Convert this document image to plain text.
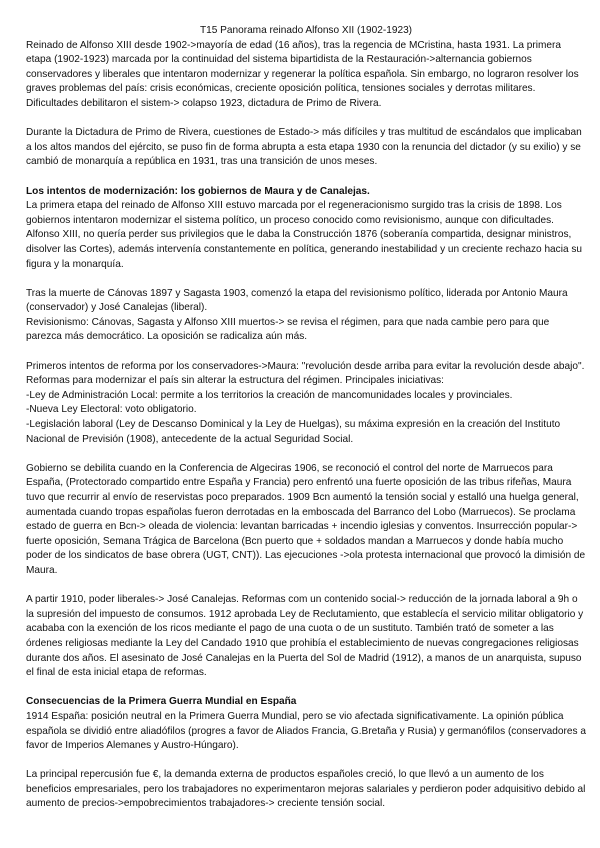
T15 Panorama reinado Alfonso XII (1902-1923)

Reinado de Alfonso XIII desde 1902->mayoría de edad (16 años), tras la regencia de MCristina, hasta 1931. La primera etapa (1902-1923) marcada por la continuidad del sistema bipartidista de la Restauración->alternancia gobiernos conservadores y liberales que intentaron modernizar y regenerar la política española. Sin embargo, no lograron resolver los graves problemas del país: crisis económicas, creciente oposición política, tensiones sociales y derrotas militares. Dificultades debilitaron el sistem-> colapso 1923, dictadura de Primo de Rivera.

Durante la Dictadura de Primo de Rivera, cuestiones de Estado-> más difíciles y tras multitud de escándalos que implicaban a los altos mandos del ejército, se puso fin de forma abrupta a esta etapa 1930 con la renuncia del dictador (y su exilio) y se cambió de monarquía a república en 1931, tras una transición de unos meses.

Los intentos de modernización: los gobiernos de Maura y de Canalejas.

La primera etapa del reinado de Alfonso XIII estuvo marcada por el regeneracionismo surgido tras la crisis de 1898. Los gobiernos intentaron modernizar el sistema político, un proceso conocido como revisionismo, aunque con dificultades. Alfonso XIII, no quería perder sus privilegios que le daba la Construcción 1876 (soberanía compartida, designar ministros, disolver las Cortes), además intervenía constantemente en política, generando inestabilidad y un creciente rechazo hacia su figura y la monarquía.

Tras la muerte de Cánovas 1897 y Sagasta 1903, comenzó la etapa del revisionismo político, liderada por Antonio Maura (conservador) y José Canalejas (liberal).

Revisionismo: Cánovas, Sagasta y Alfonso XIII muertos-> se revisa el régimen, para que nada cambie pero para que parezca más democrático. La oposición se radicaliza aún más.

Primeros intentos de reforma por los conservadores->Maura: "revolución desde arriba para evitar la revolución desde abajo". Reformas para modernizar el país sin alterar la estructura del régimen. Principales iniciativas:

-Ley de Administración Local: permite a los territorios la creación de mancomunidades locales y provinciales.

-Nueva Ley Electoral: voto obligatorio.

-Legislación laboral (Ley de Descanso Dominical y la Ley de Huelgas), su máxima expresión en la creación del Instituto Nacional de Previsión (1908), antecedente de la actual Seguridad Social.

Gobierno se debilita cuando en la Conferencia de Algeciras 1906, se reconoció el control del norte de Marruecos para España, (Protectorado compartido entre España y Francia) pero enfrentó una fuerte oposición de las tribus rifeñas, Maura tuvo que recurrir al envío de reservistas poco preparados. 1909 Bcn aumentó la tensión social y estalló una huelga general, aumentada cuando tropas españolas fueron derrotadas en la emboscada del Barranco del Lobo (Marruecos). Se proclama estado de guerra en Bcn-> oleada de violencia: levantan barricadas + incendio iglesias y conventos. Insurrección popular-> fuerte oposición, Semana Trágica de Barcelona (Bcn puerto que + soldados mandan a Marruecos y donde había mucho poder de los sindicatos de base obrera (UGT, CNT)). Las ejecuciones ->ola protesta internacional que provocó la dimisión de Maura.

A partir 1910, poder liberales-> José Canalejas. Reformas com un contenido social-> reducción de la jornada laboral a 9h o la supresión del impuesto de consumos. 1912 aprobada Ley de Reclutamiento, que establecía el servicio militar obligatorio y acababa con la exención de los ricos mediante el pago de una cuota o de un sustituto. También trató de someter a las órdenes religiosas mediante la Ley del Candado 1910 que prohibía el establecimiento de nuevas congregaciones religiosas durante dos años. El asesinato de José Canalejas en la Puerta del Sol de Madrid (1912), a manos de un anarquista, supuso el final de esta inicial etapa de reformas.

Consecuencias de la Primera Guerra Mundial en España

1914 España: posición neutral en la Primera Guerra Mundial, pero se vio afectada significativamente. La opinión pública española se dividió entre aliadófilos (progres a favor de Aliados Francia, G.Bretaña y Rusia) y germanófilos (conservadores a favor de Imperios Alemanes y Austro-Húngaro).

La principal repercusión fue €, la demanda externa de productos españoles creció, lo que llevó a un aumento de los beneficios empresariales, pero los trabajadores no experimentaron mejoras salariales y perdieron poder adquisitivo debido al aumento de precios->empobrecimientos trabajadores-> creciente tensión social.
